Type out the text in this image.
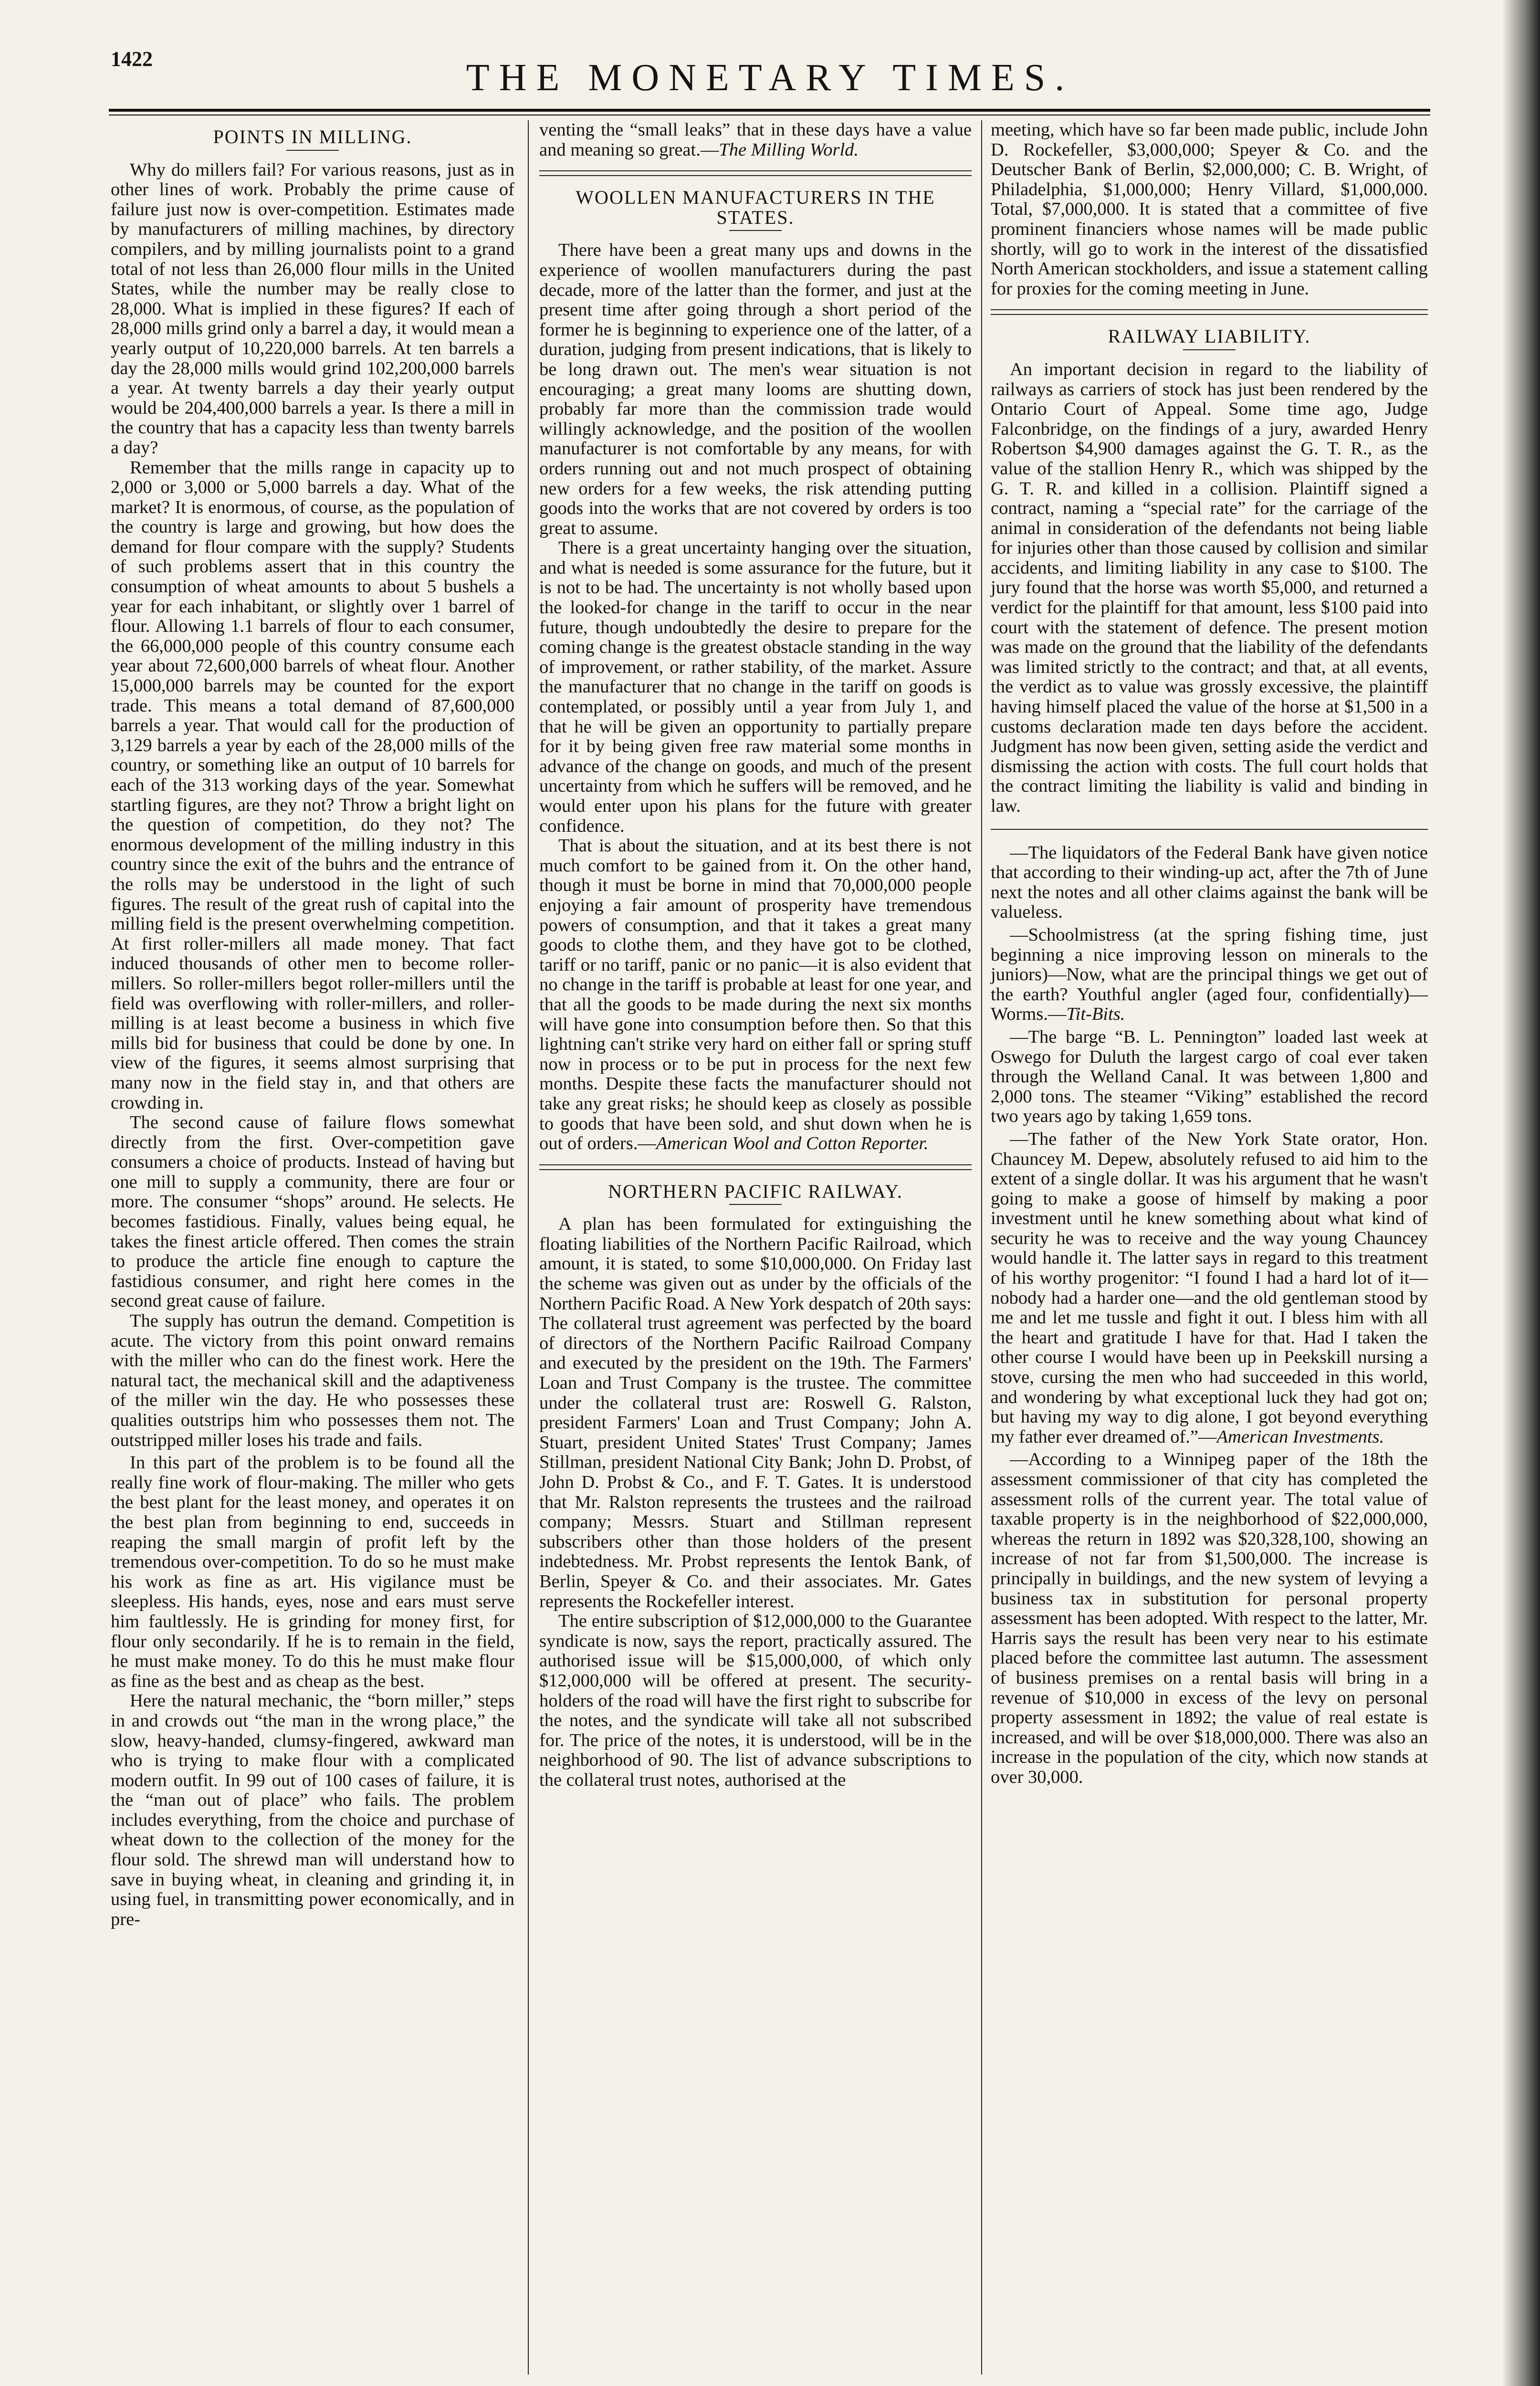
1422	THE MONETARY TIMES.
POINTS IN MILLING.

Why do millers fail? For various reasons, just as in other lines of work. Probably the prime cause of failure just now is over-competition. Estimates made by manufacturers of milling machines, by directory compilers, and by milling journalists point to a grand total of not less than 26,000 flour mills in the United States, while the number may be really close to 28,000. What is implied in these figures? If each of 28,000 mills grind only a barrel a day, it would mean a yearly output of 10,220,000 barrels. At ten barrels a day the 28,000 mills would grind 102,200,000 barrels a year. At twenty barrels a day their yearly output would be 204,400,000 barrels a year. Is there a mill in the country that has a capacity less than twenty barrels a day?

Remember that the mills range in capacity up to 2,000 or 3,000 or 5,000 barrels a day. What of the market? It is enormous, of course, as the population of the country is large and growing, but how does the demand for flour compare with the supply? Students of such problems assert that in this country the consumption of wheat amounts to about 5 bushels a year for each inhabitant, or slightly over 1 barrel of flour. Allowing 1.1 barrels of flour to each consumer, the 66,000,000 people of this country consume each year about 72,600,000 barrels of wheat flour. Another 15,000,000 barrels may be counted for the export trade. This means a total demand of 87,600,000 barrels a year. That would call for the production of 3,129 barrels a year by each of the 28,000 mills of the country, or something like an output of 10 barrels for each of the 313 working days of the year. Somewhat startling figures, are they not? Throw a bright light on the question of competition, do they not? The enormous development of the milling industry in this country since the exit of the buhrs and the entrance of the rolls may be understood in the light of such figures. The result of the great rush of capital into the milling field is the present overwhelming competition. At first roller-millers all made money. That fact induced thousands of other men to become roller-millers. So roller-millers begot roller-millers until the field was overflowing with roller-millers, and roller-milling is at least become a business in which five mills bid for business that could be done by one. In view of the figures, it seems almost surprising that many now in the field stay in, and that others are crowding in.

The second cause of failure flows somewhat directly from the first. Over-competition gave consumers a choice of products. Instead of having but one mill to supply a community, there are four or more. The consumer “shops” around. He selects. He becomes fastidious. Finally, values being equal, he takes the finest article offered. Then comes the strain to produce the article fine enough to capture the fastidious consumer, and right here comes in the second great cause of failure.

The supply has outrun the demand. Competition is acute. The victory from this point onward remains with the miller who can do the finest work. Here the natural tact, the mechanical skill and the adaptiveness of the miller win the day. He who possesses these qualities outstrips him who possesses them not. The outstripped miller loses his trade and fails.

In this part of the problem is to be found all the really fine work of flour-making. The miller who gets the best plant for the least money, and operates it on the best plan from beginning to end, succeeds in reaping the small margin of profit left by the tremendous over-competition. To do so he must make his work as fine as art. His vigilance must be sleepless. His hands, eyes, nose and ears must serve him faultlessly. He is grinding for money first, for flour only secondarily. If he is to remain in the field, he must make money. To do this he must make flour as fine as the best and as cheap as the best.

Here the natural mechanic, the “born miller,” steps in and crowds out “the man in the wrong place,” the slow, heavy-handed, clumsy-fingered, awkward man who is trying to make flour with a complicated modern outfit. In 99 out of 100 cases of failure, it is the “man out of place” who fails. The problem includes everything, from the choice and purchase of wheat down to the collection of the money for the flour sold. The shrewd man will understand how to save in buying wheat, in cleaning and grinding it, in using fuel, in transmitting power economically, and in pre-

venting the “small leaks” that in these days have a value and meaning so great.—The Milling World.

WOOLLEN MANUFACTURERS IN THE STATES.

There have been a great many ups and downs in the experience of woollen manufacturers during the past decade, more of the latter than the former, and just at the present time after going through a short period of the former he is beginning to experience one of the latter, of a duration, judging from present indications, that is likely to be long drawn out. The men's wear situation is not encouraging; a great many looms are shutting down, probably far more than the commission trade would willingly acknowledge, and the position of the woollen manufacturer is not comfortable by any means, for with orders running out and not much prospect of obtaining new orders for a few weeks, the risk attending putting goods into the works that are not covered by orders is too great to assume.

There is a great uncertainty hanging over the situation, and what is needed is some assurance for the future, but it is not to be had. The uncertainty is not wholly based upon the looked-for change in the tariff to occur in the near future, though undoubtedly the desire to prepare for the coming change is the greatest obstacle standing in the way of improvement, or rather stability, of the market. Assure the manufacturer that no change in the tariff on goods is contemplated, or possibly until a year from July 1, and that he will be given an opportunity to partially prepare for it by being given free raw material some months in advance of the change on goods, and much of the present uncertainty from which he suffers will be removed, and he would enter upon his plans for the future with greater confidence.

That is about the situation, and at its best there is not much comfort to be gained from it. On the other hand, though it must be borne in mind that 70,000,000 people enjoying a fair amount of prosperity have tremendous powers of consumption, and that it takes a great many goods to clothe them, and they have got to be clothed, tariff or no tariff, panic or no panic—it is also evident that no change in the tariff is probable at least for one year, and that all the goods to be made during the next six months will have gone into consumption before then. So that this lightning can't strike very hard on either fall or spring stuff now in process or to be put in process for the next few months. Despite these facts the manufacturer should not take any great risks; he should keep as closely as possible to goods that have been sold, and shut down when he is out of orders.—American Wool and Cotton Reporter.

NORTHERN PACIFIC RAILWAY.

A plan has been formulated for extinguishing the floating liabilities of the Northern Pacific Railroad, which amount, it is stated, to some $10,000,000. On Friday last the scheme was given out as under by the officials of the Northern Pacific Road. A New York despatch of 20th says: The collateral trust agreement was perfected by the board of directors of the Northern Pacific Railroad Company and executed by the president on the 19th. The Farmers' Loan and Trust Company is the trustee. The committee under the collateral trust are: Roswell G. Ralston, president Farmers' Loan and Trust Company; John A. Stuart, president United States' Trust Company; James Stillman, president National City Bank; John D. Probst, of John D. Probst & Co., and F. T. Gates. It is understood that Mr. Ralston represents the trustees and the railroad company; Messrs. Stuart and Stillman represent subscribers other than those holders of the present indebtedness. Mr. Probst represents the Ientok Bank, of Berlin, Speyer & Co. and their associates. Mr. Gates represents the Rockefeller interest.

The entire subscription of $12,000,000 to the Guarantee syndicate is now, says the report, practically assured. The authorised issue will be $15,000,000, of which only $12,000,000 will be offered at present. The security-holders of the road will have the first right to subscribe for the notes, and the syndicate will take all not subscribed for. The price of the notes, it is understood, will be in the neighborhood of 90. The list of advance subscriptions to the collateral trust notes, authorised at the

meeting, which have so far been made public, include John D. Rockefeller, $3,000,000; Speyer & Co. and the Deutscher Bank of Berlin, $2,000,000; C. B. Wright, of Philadelphia, $1,000,000; Henry Villard, $1,000,000. Total, $7,000,000. It is stated that a committee of five prominent financiers whose names will be made public shortly, will go to work in the interest of the dissatisfied North American stockholders, and issue a statement calling for proxies for the coming meeting in June.

RAILWAY LIABILITY.

An important decision in regard to the liability of railways as carriers of stock has just been rendered by the Ontario Court of Appeal. Some time ago, Judge Falconbridge, on the findings of a jury, awarded Henry Robertson $4,900 damages against the G. T. R., as the value of the stallion Henry R., which was shipped by the G. T. R. and killed in a collision. Plaintiff signed a contract, naming a “special rate” for the carriage of the animal in consideration of the defendants not being liable for injuries other than those caused by collision and similar accidents, and limiting liability in any case to $100. The jury found that the horse was worth $5,000, and returned a verdict for the plaintiff for that amount, less $100 paid into court with the statement of defence. The present motion was made on the ground that the liability of the defendants was limited strictly to the contract; and that, at all events, the verdict as to value was grossly excessive, the plaintiff having himself placed the value of the horse at $1,500 in a customs declaration made ten days before the accident. Judgment has now been given, setting aside the verdict and dismissing the action with costs. The full court holds that the contract limiting the liability is valid and binding in law.

—The liquidators of the Federal Bank have given notice that according to their winding-up act, after the 7th of June next the notes and all other claims against the bank will be valueless.

—Schoolmistress (at the spring fishing time, just beginning a nice improving lesson on minerals to the juniors)—Now, what are the principal things we get out of the earth? Youthful angler (aged four, confidentially)—Worms.—Tit-Bits.

—The barge “B. L. Pennington” loaded last week at Oswego for Duluth the largest cargo of coal ever taken through the Welland Canal. It was between 1,800 and 2,000 tons. The steamer “Viking” established the record two years ago by taking 1,659 tons.

—The father of the New York State orator, Hon. Chauncey M. Depew, absolutely refused to aid him to the extent of a single dollar. It was his argument that he wasn't going to make a goose of himself by making a poor investment until he knew something about what kind of security he was to receive and the way young Chauncey would handle it. The latter says in regard to this treatment of his worthy progenitor: “I found I had a hard lot of it—nobody had a harder one—and the old gentleman stood by me and let me tussle and fight it out. I bless him with all the heart and gratitude I have for that. Had I taken the other course I would have been up in Peekskill nursing a stove, cursing the men who had succeeded in this world, and wondering by what exceptional luck they had got on; but having my way to dig alone, I got beyond everything my father ever dreamed of.”—American Investments.

—According to a Winnipeg paper of the 18th the assessment commissioner of that city has completed the assessment rolls of the current year. The total value of taxable property is in the neighborhood of $22,000,000, whereas the return in 1892 was $20,328,100, showing an increase of not far from $1,500,000. The increase is principally in buildings, and the new system of levying a business tax in substitution for personal property assessment has been adopted. With respect to the latter, Mr. Harris says the result has been very near to his estimate placed before the committee last autumn. The assessment of business premises on a rental basis will bring in a revenue of $10,000 in excess of the levy on personal property assessment in 1892; the value of real estate is increased, and will be over $18,000,000. There was also an increase in the population of the city, which now stands at over 30,000.
